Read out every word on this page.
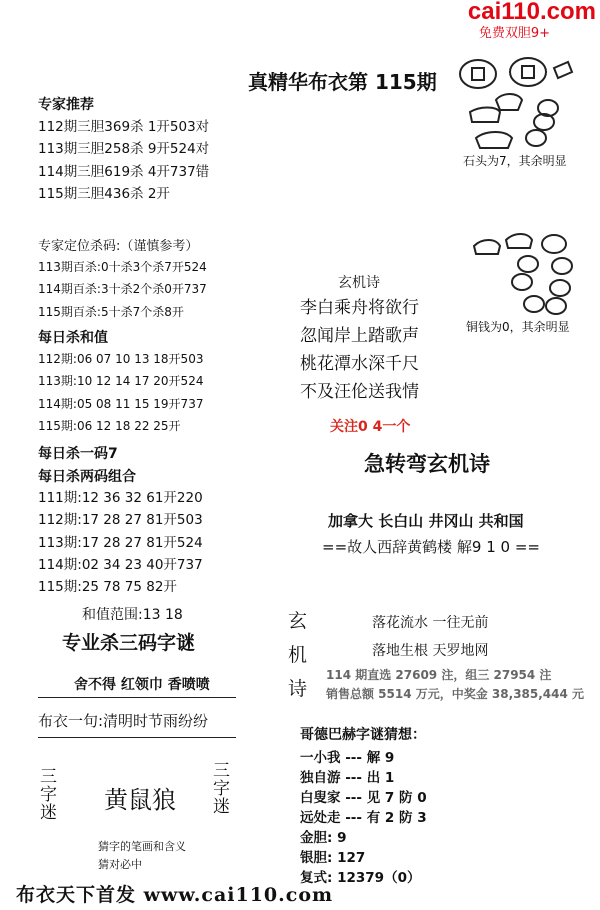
cai110.com
免费双胆9+
真精华布衣第 115期
专家推荐
112期三胆369杀 1开503对
113期三胆258杀 9开524对
114期三胆619杀 4开737错
115期三胆436杀 2开
专家定位杀码:（谨慎参考）
113期百杀:0十杀3个杀7开524
114期百杀:3十杀2个杀0开737
115期百杀:5十杀7个杀8开
每日杀和值
112期:06 07 10 13 18开503
113期:10 12 14 17 20开524
114期:05 08 11 15 19开737
115期:06 12 18 22 25开
每日杀一码7
每日杀两码组合
111期:12 36 32 61开220
112期:17 28 27 81开503
113期:17 28 27 81开524
114期:02 34 23 40开737
115期:25 78 75 82开
和值范围:13 18
专业杀三码字谜
舍不得 红领巾 香喷喷
布衣一句:清明时节雨纷纷
三
字
迷 黄鼠狼
三
字
迷
猜字的笔画和含义
猜对必中
布衣天下首发 www.cai110.com
石头为7，其余明显
铜钱为0，其余明显
玄机诗
李白乘舟将欲行
忽闻岸上踏歌声
桃花潭水深千尺
不及汪伦送我情
关注0 4一个
急转弯玄机诗
加拿大 长白山 井冈山 共和国
==故人西辞黄鹤楼 解9 1 0 ==
玄
机
诗
落花流水 一往无前
落地生根 天罗地网
114 期直选 27609 注，组三 27954 注
销售总额 5514 万元，中奖金 38,385,444 元
哥德巴赫字谜猜想：
一小我 --- 解 9
独自游 --- 出 1
白叟家 --- 见 7 防 0
远处走 --- 有 2 防 3
金胆: 9
银胆: 127
复式: 12379（0）
